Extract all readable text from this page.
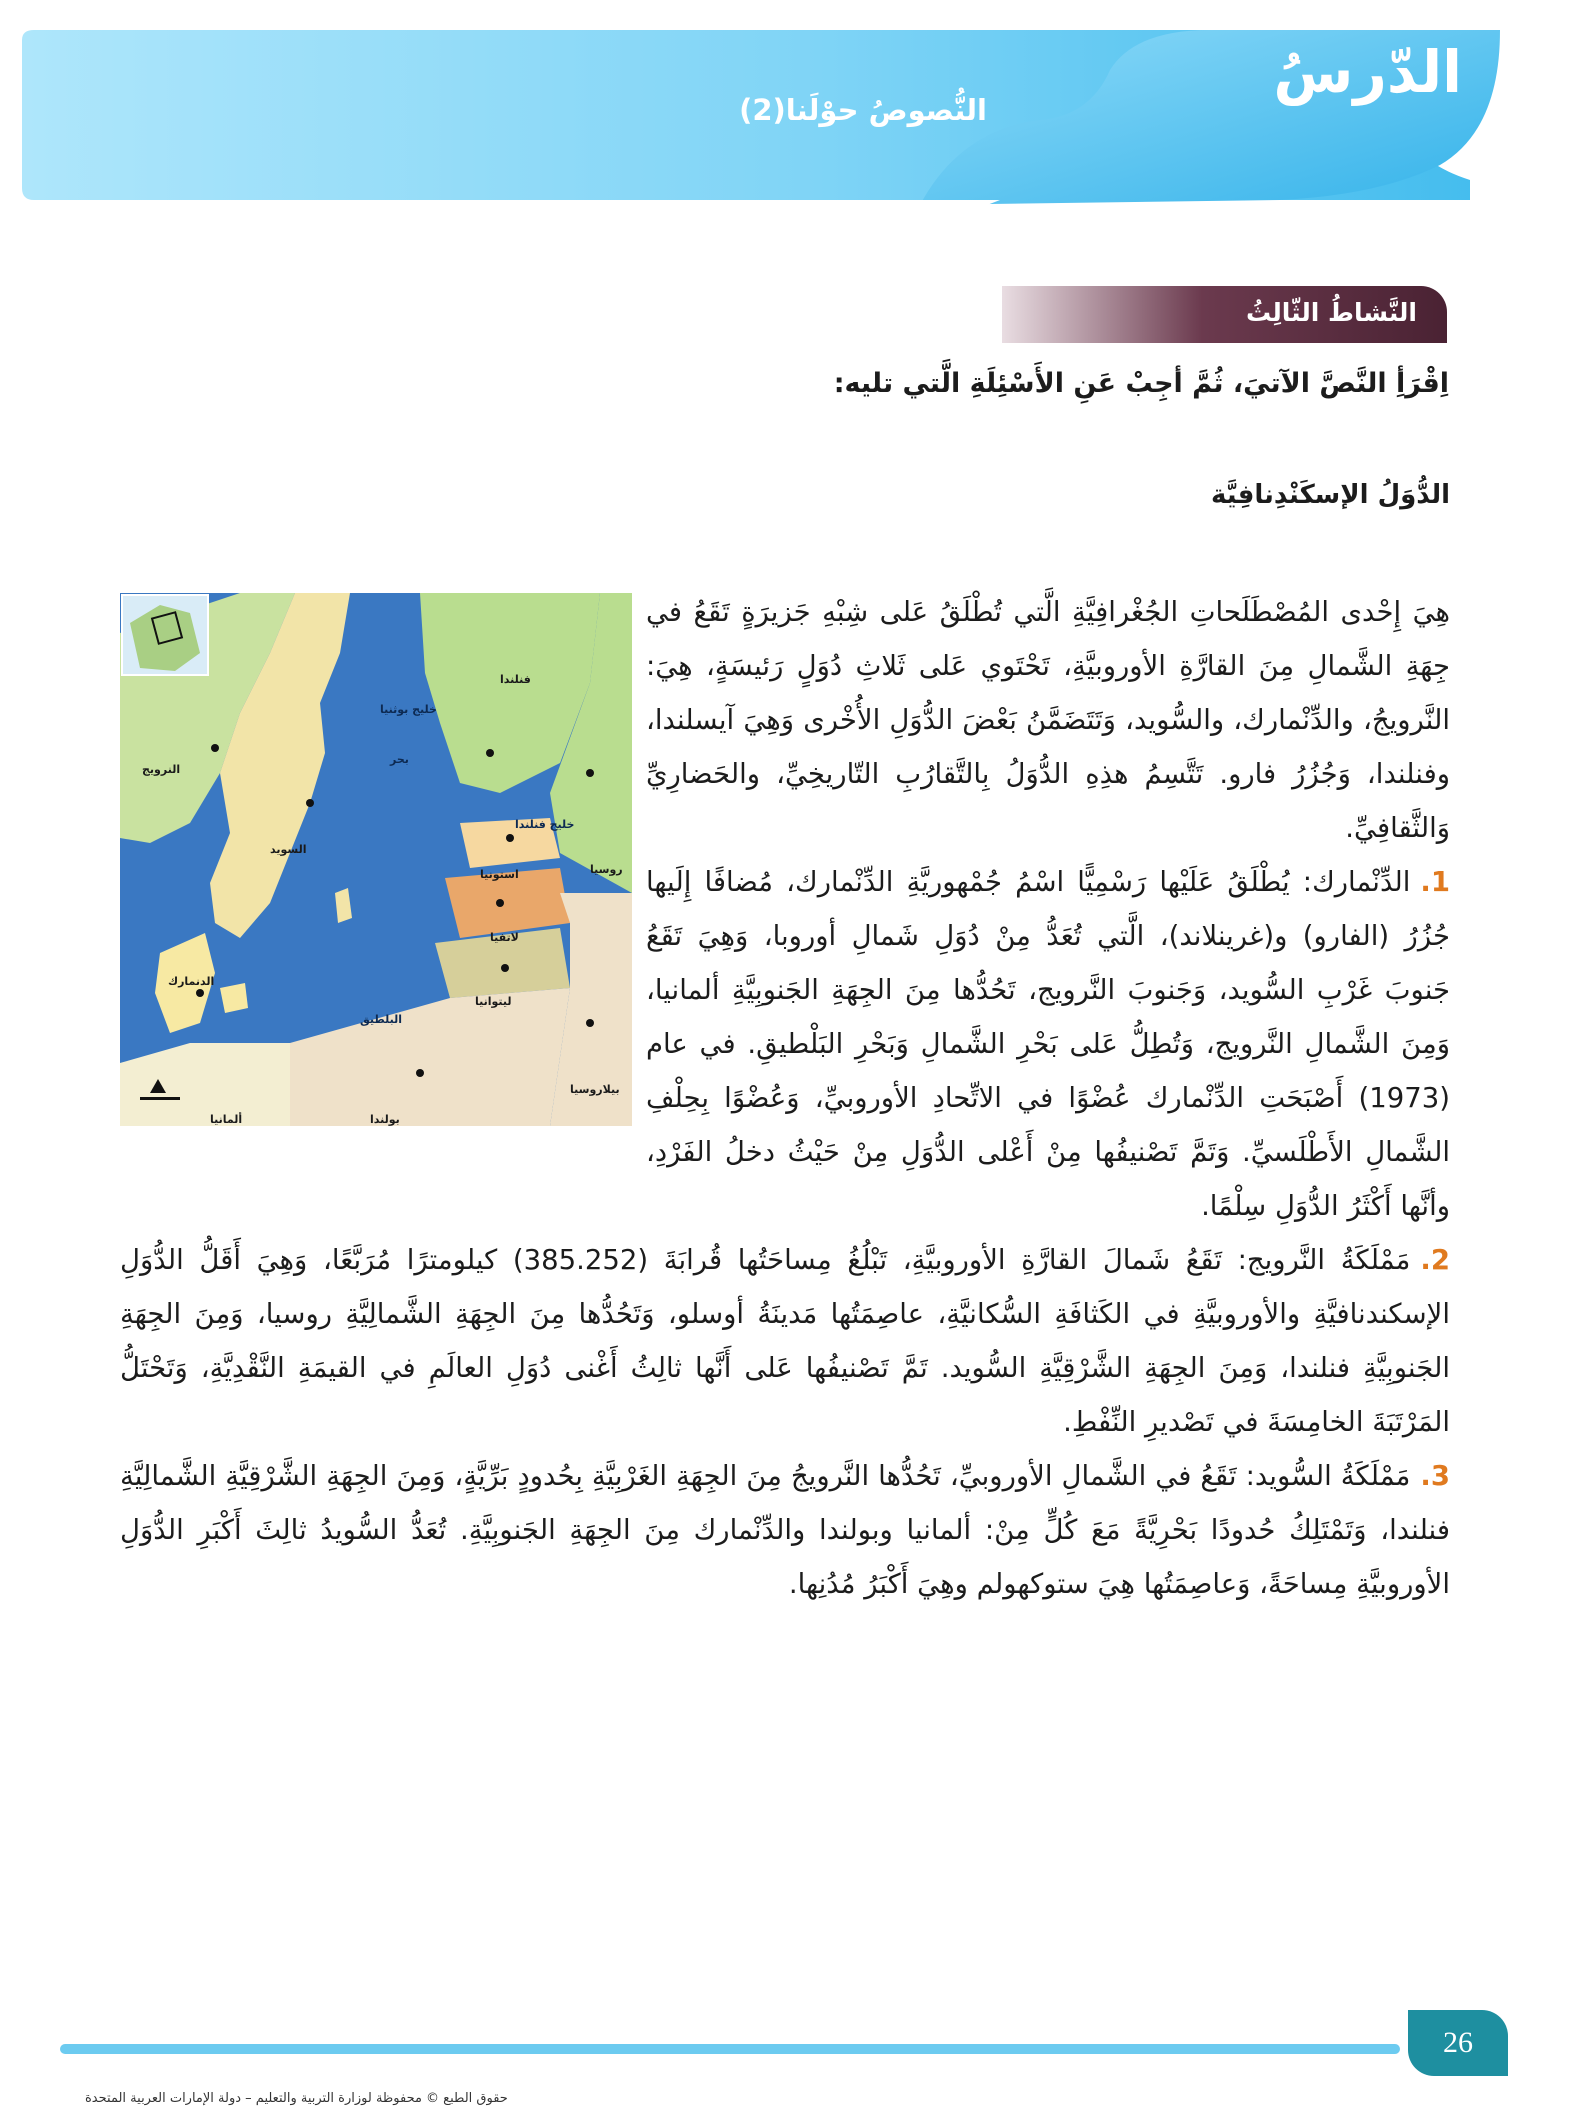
الدّرسُ
النُّصوصُ حوْلَنا(2)
النَّشاطُ الثّالِثُ
اِقْرَأِ النَّصَّ الآتيَ، ثُمَّ أجِبْ عَنِ الأَسْئِلَةِ الَّتي تليه:
الدُّوَلُ الإسكَنْدِنافِيَّة
النرويج
السويد
فنلندا
روسيا
استونيا
لاتفيا
ليتوانيا
بيلاروسيا
بولندا
ألمانيا
الدنمارك
البلطيق
خليج بوثنيا
بحر
خليج فنلندا

هِيَ إِحْدى المُصْطَلَحاتِ الجُغْرافِيَّةِ الَّتي تُطْلَقُ عَلى شِبْهِ جَزيرَةٍ تَقَعُ في جِهَةِ الشَّمالِ مِنَ القارَّةِ الأوروبيَّةِ، تَحْتَوي عَلى ثَلاثِ دُوَلٍ رَئيسَةٍ، هِيَ: النَّرويجُ، والدِّنْمارك، والسُّويد، وَتَتَضَمَّنُ بَعْضَ الدُّوَلِ الأُخْرى وَهِيَ آيسلندا، وفنلندا، وَجُزُرُ فارو. تَتَّسِمُ هذِهِ الدُّوَلُ بِالتَّقارُبِ التّاريخِيِّ، والحَضارِيِّ وَالثَّقافِيِّ.

1.الدِّنْمارك: يُطْلَقُ عَلَيْها رَسْمِيًّا اسْمُ جُمْهوريَّةِ الدِّنْمارك، مُضافًا إِلَيها جُزُرُ (الفارو) و(غرينلاند)، الَّتي تُعَدُّ مِنْ دُوَلِ شَمالِ أوروبا، وَهِيَ تَقَعُ جَنوبَ غَرْبِ السُّويد، وَجَنوبَ النَّرويج، تَحُدُّها مِنَ الجِهَةِ الجَنوبِيَّةِ ألمانيا، وَمِنَ الشَّمالِ النَّرويج، وَتُطِلُّ عَلى بَحْرِ الشَّمالِ وَبَحْرِ البَلْطيقِ. في عام (1973) أَصْبَحَتِ الدِّنْمارك عُضْوًا في الاتِّحادِ الأوروبيِّ، وَعُضْوًا بِحِلْفِ الشَّمالِ الأَطْلَسيِّ. وَتَمَّ تَصْنيفُها مِنْ أَعْلى الدُّوَلِ مِنْ حَيْثُ دخلُ الفَرْدِ، وأنَّها أَكْثَرُ الدُّوَلِ سِلْمًا.
2.مَمْلَكَةُ النَّرويج: تَقَعُ شَمالَ القارَّةِ الأوروبيَّةِ، تَبْلُغُ مِساحَتُها قُرابَةَ (385.252) كيلومترًا مُرَبَّعًا، وَهِيَ أَقَلُّ الدُّوَلِ الإسكندنافيَّةِ والأوروبيَّةِ في الكَثافَةِ السُّكانيَّةِ، عاصِمَتُها مَدينَةُ أوسلو، وَتَحُدُّها مِنَ الجِهَةِ الشَّمالِيَّةِ روسيا، وَمِنَ الجِهَةِ الجَنوبِيَّةِ فنلندا، وَمِنَ الجِهَةِ الشَّرْقِيَّةِ السُّويد. تَمَّ تَصْنيفُها عَلى أَنَّها ثالِثُ أَغْنى دُوَلِ العالَمِ في القيمَةِ النَّقْدِيَّةِ، وَتَحْتَلُّ المَرْتَبَةَ الخامِسَةَ في تَصْديرِ النِّفْطِ.
3.مَمْلَكَةُ السُّويد: تَقَعُ في الشَّمالِ الأوروبيِّ، تَحُدُّها النَّرويجُ مِنَ الجِهَةِ الغَرْبِيَّةِ بِحُدودٍ بَرِّيَّةٍ، وَمِنَ الجِهَةِ الشَّرْقِيَّةِ الشَّمالِيَّةِ فنلندا، وَتَمْتَلِكُ حُدودًا بَحْرِيَّةً مَعَ كُلٍّ مِنْ: ألمانيا وبولندا والدِّنْمارك مِنَ الجِهَةِ الجَنوبِيَّةِ. تُعَدُّ السُّويدُ ثالِثَ أَكْبَرِ الدُّوَلِ الأوروبيَّةِ مِساحَةً، وَعاصِمَتُها هِيَ ستوكهولم وهِيَ أَكْبَرُ مُدُنِها.
26
حقوق الطبع © محفوظة لوزارة التربية والتعليم – دولة الإمارات العربية المتحدة
